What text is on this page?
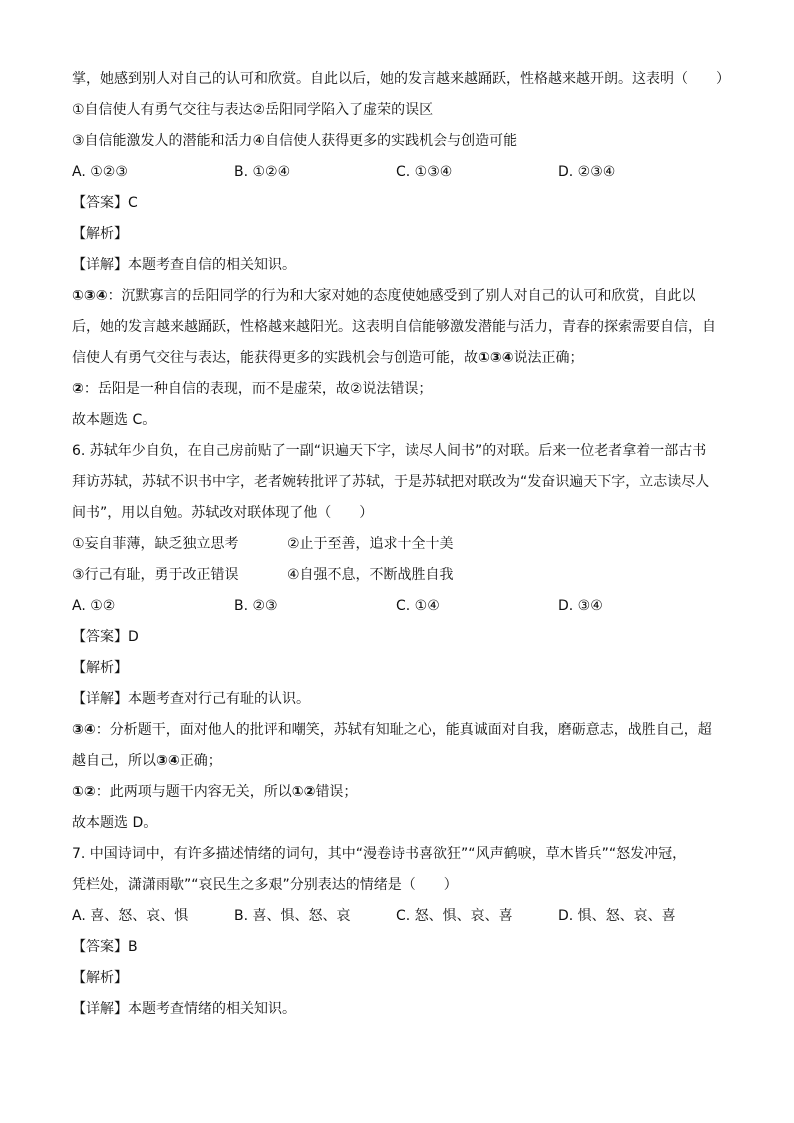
掌，她感到别人对自己的认可和欣赏。自此以后，她的发言越来越踊跃，性格越来越开朗。这表明（　　）
①自信使人有勇气交往与表达②岳阳同学陷入了虚荣的误区
③自信能激发人的潜能和活力④自信使人获得更多的实践机会与创造可能
A. ①②③	B. ①②④	C. ①③④	D. ②③④
【答案】C
【解析】
【详解】本题考查自信的相关知识。
①③④：沉默寡言的岳阳同学的行为和大家对她的态度使她感受到了别人对自己的认可和欣赏，自此以
后，她的发言越来越踊跃，性格越来越阳光。这表明自信能够激发潜能与活力，青春的探索需要自信，自
信使人有勇气交往与表达，能获得更多的实践机会与创造可能，故①③④说法正确；
②：岳阳是一种自信的表现，而不是虚荣，故②说法错误；
故本题选 C。
6. 苏轼年少自负，在自己房前贴了一副“识遍天下字，读尽人间书”的对联。后来一位老者拿着一部古书
拜访苏轼，苏轼不识书中字，老者婉转批评了苏轼，于是苏轼把对联改为“发奋识遍天下字，立志读尽人
间书”，用以自勉。苏轼改对联体现了他（　　）
①妄自菲薄，缺乏独立思考	②止于至善，追求十全十美
③行己有耻，勇于改正错误	④自强不息，不断战胜自我
A. ①②	B. ②③	C. ①④	D. ③④
【答案】D
【解析】
【详解】本题考查对行己有耻的认识。
③④：分析题干，面对他人的批评和嘲笑，苏轼有知耻之心，能真诚面对自我，磨砺意志，战胜自己，超
越自己，所以③④正确；
①②：此两项与题干内容无关，所以①②错误；
故本题选 D。
7. 中国诗词中，有许多描述情绪的词句，其中“漫卷诗书喜欲狂”“风声鹤唳，草木皆兵”“怒发冲冠，
凭栏处，潇潇雨歇”“哀民生之多艰”分别表达的情绪是（　　）
A. 喜、怒、哀、惧	B. 喜、惧、怒、哀	C. 怒、惧、哀、喜	D. 惧、怒、哀、喜
【答案】B
【解析】
【详解】本题考查情绪的相关知识。
